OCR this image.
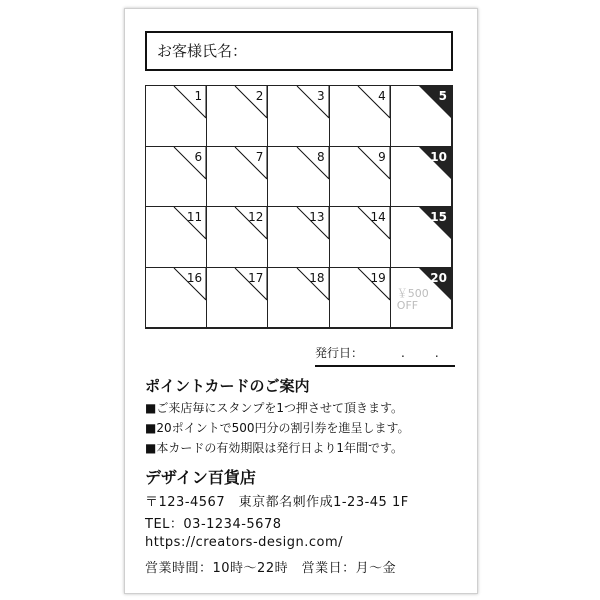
お客様氏名：
1	2	3	4	5
6	7	8	9	10
11	12	13	14	15
16	17	18	19	20
￥500
OFF
発行日：	.　　.
ポイントカードのご案内
■ご来店毎にスタンプを1つ押させて頂きます。
■20ポイントで500円分の割引券を進呈します。
■本カードの有効期限は発行日より1年間です。
デザイン百貨店
〒123-4567　東京都名刺作成1-23-45 1F
TEL：03-1234-5678
https://creators-design.com/
営業時間：10時～22時　営業日：月～金
